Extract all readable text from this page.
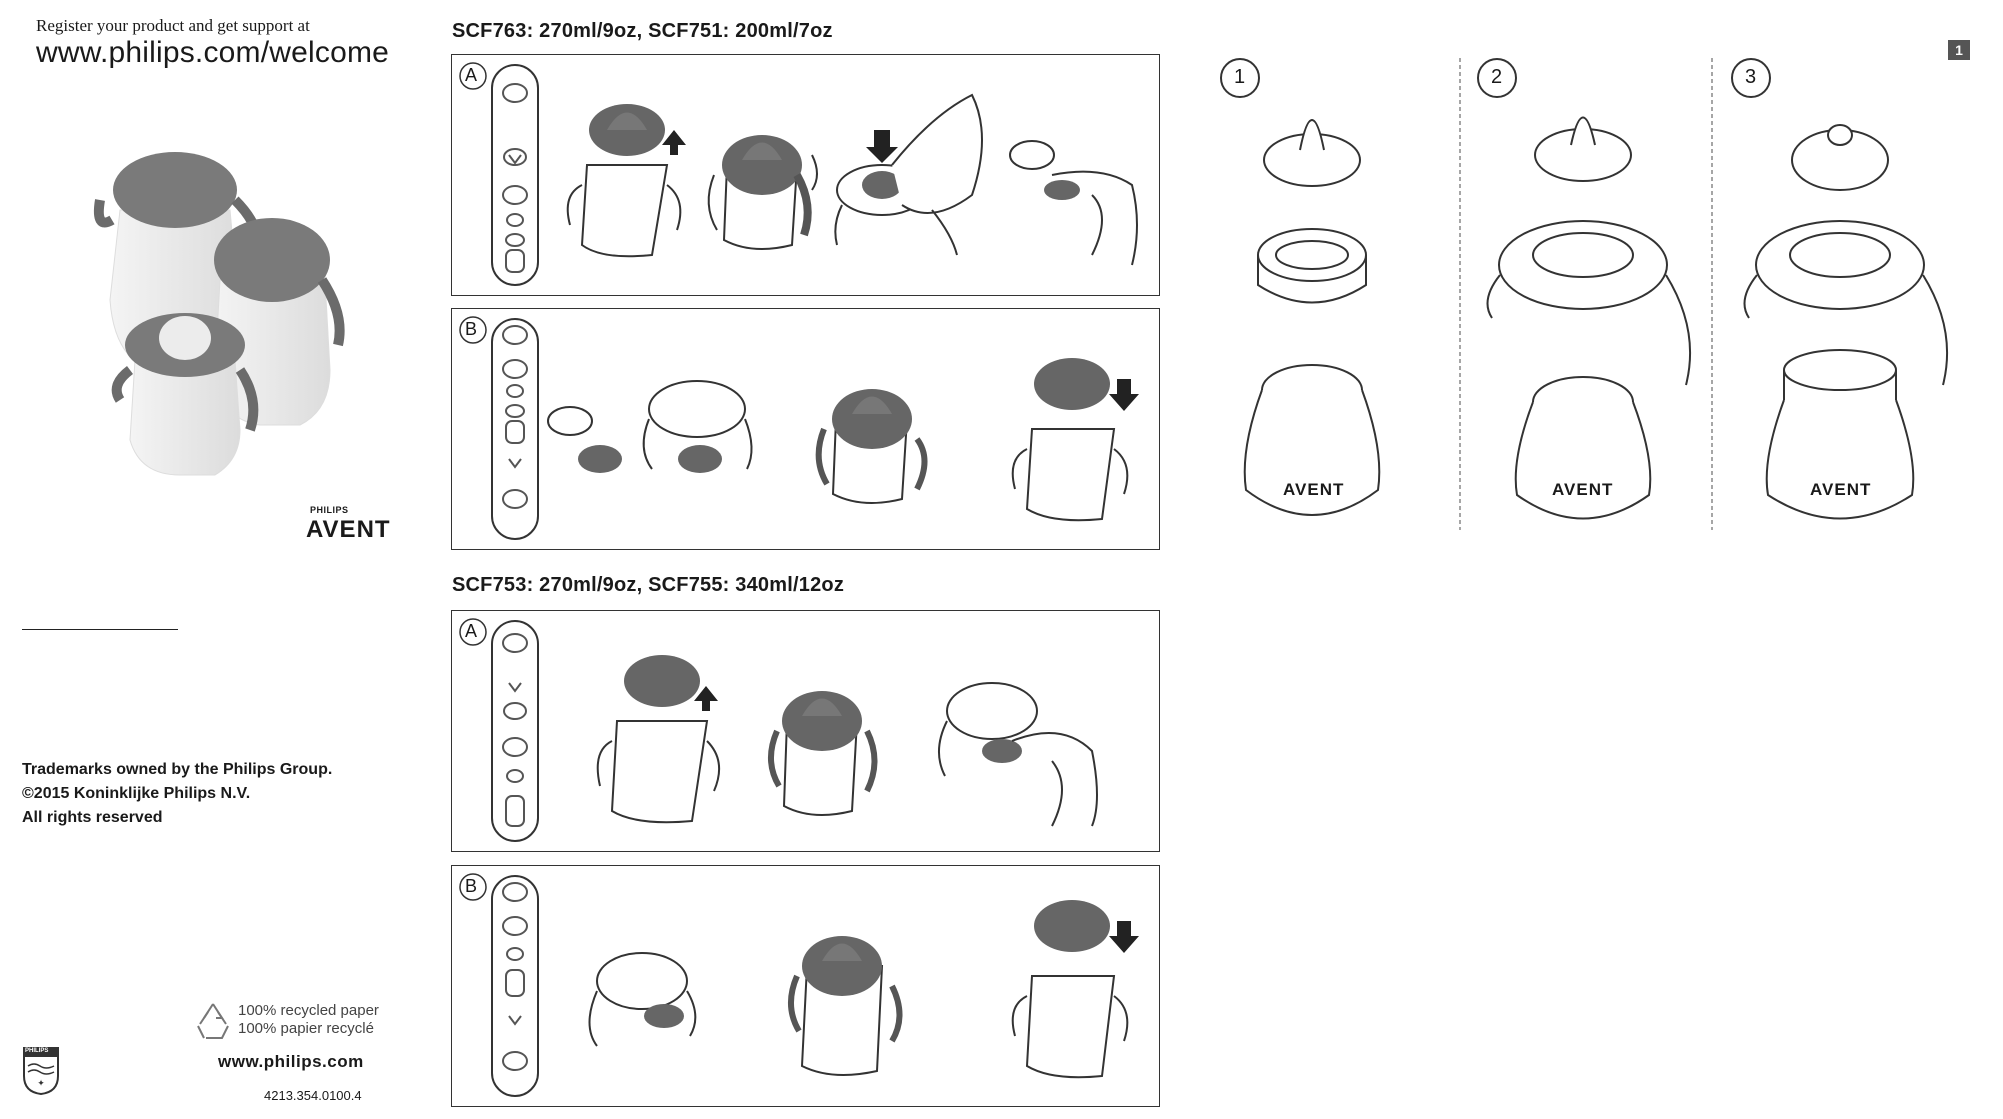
Register your product and get support at
www.philips.com/welcome
PHILIPS
AVENT
Trademarks owned by the Philips Group.
©2015 Koninklijke Philips N.V.
All rights reserved
100% recycled paper
100% papier recyclé
www.philips.com
4213.354.0100.4
✦
PHILIPS
SCF763: 270ml/9oz, SCF751: 200ml/7oz
A
B
SCF753: 270ml/9oz, SCF755: 340ml/12oz
A
B
1
1	2	3
AVENT	AVENT	AVENT
